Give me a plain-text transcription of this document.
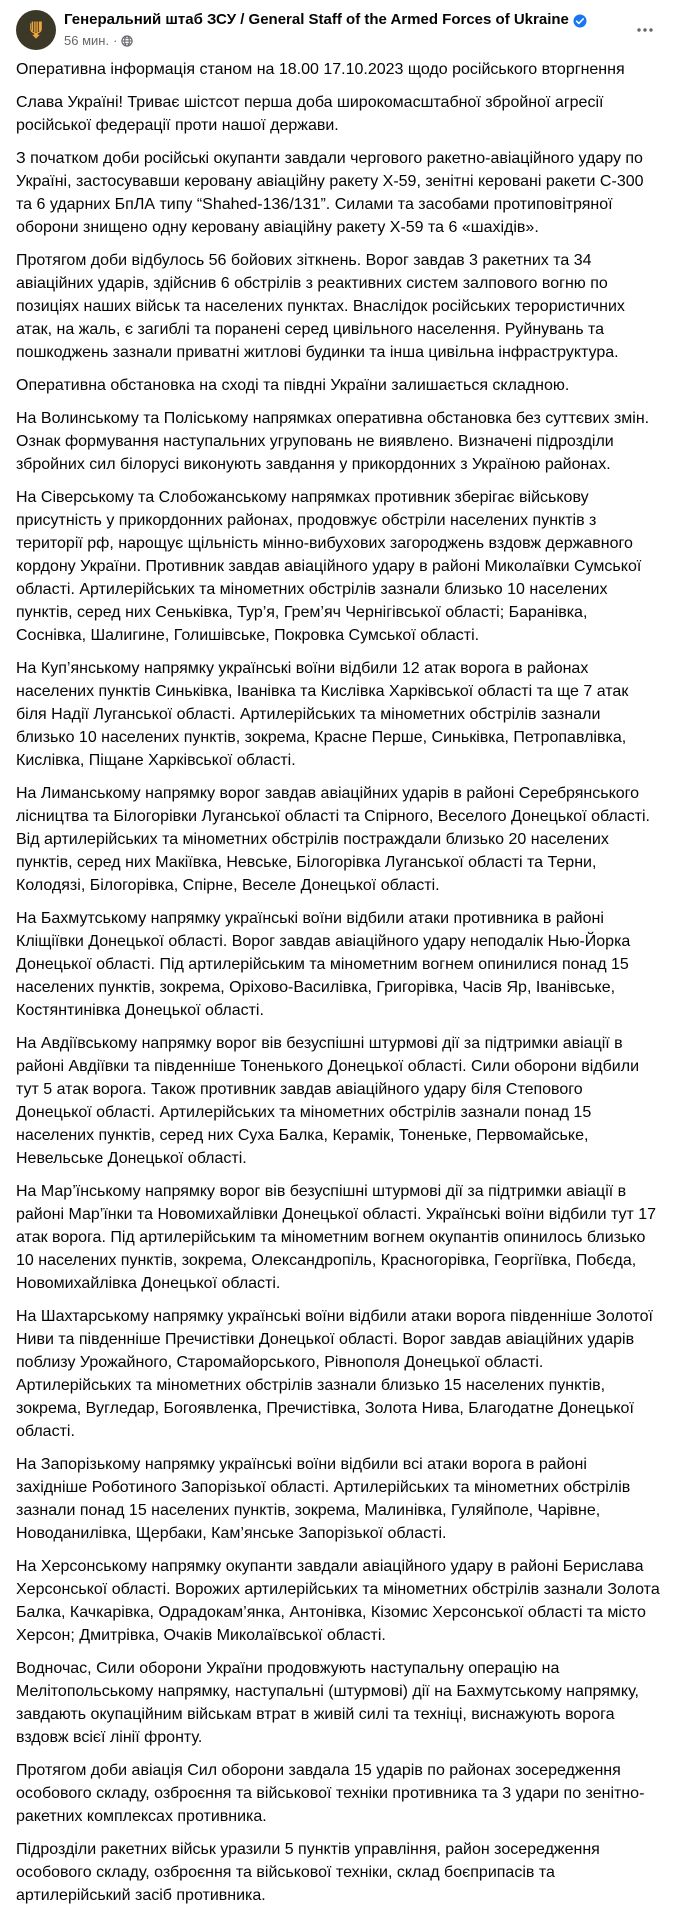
Генеральний штаб ЗСУ / General Staff of the Armed Forces of Ukraine
56 мин. ·

Оперативна інформація станом на 18.00 17.10.2023 щодо російського вторгнення

Слава Україні! Триває шістсот перша доба широкомасштабної збройної агресії російської федерації проти нашої держави.

З початком доби російські окупанти завдали чергового ракетно-авіаційного удару по Україні, застосувавши керовану авіаційну ракету Х-59, зенітні керовані ракети С-300 та 6 ударних БпЛА типу “Shahed-136/131”. Силами та засобами протиповітряної оборони знищено одну керовану авіаційну ракету Х-59 та 6 «шахідів».

Протягом доби відбулось 56 бойових зіткнень. Ворог завдав 3 ракетних та 34 авіаційних ударів, здійснив 6 обстрілів з реактивних систем залпового вогню по позиціях наших військ та населених пунктах. Внаслідок російських терористичних атак, на жаль, є загиблі та поранені серед цивільного населення. Руйнувань та пошкоджень зазнали приватні житлові будинки та інша цивільна інфраструктура.

Оперативна обстановка на сході та півдні України залишається складною.

На Волинському та Поліському напрямках оперативна обстановка без суттєвих змін. Ознак формування наступальних угруповань не виявлено. Визначені підрозділи збройних сил білорусі виконують завдання у прикордонних з Україною районах.

На Сіверському та Слобожанському напрямках противник зберігає військову присутність у прикордонних районах, продовжує обстріли населених пунктів з території рф, нарощує щільність мінно-вибухових загороджень вздовж державного кордону України. Противник завдав авіаційного удару в районі Миколаївки Сумської області. Артилерійських та мінометних обстрілів зазнали близько 10 населених пунктів, серед них Сеньківка, Тур’я, Грем’яч Чернігівської області; Баранівка, Соснівка, Шалигине, Голишівське, Покровка Сумської області.

На Куп’янському напрямку українські воїни відбили 12 атак ворога в районах населених пунктів Синьківка, Іванівка та Кислівка Харківської області та ще 7 атак біля Надії Луганської області. Артилерійських та мінометних обстрілів зазнали близько 10 населених пунктів, зокрема, Красне Перше, Синьківка, Петропавлівка, Кислівка, Піщане Харківської області.

На Лиманському напрямку ворог завдав авіаційних ударів в районі Серебрянського лісництва та Білогорівки Луганської області та Спірного, Веселого Донецької області. Від артилерійських та мінометних обстрілів постраждали близько 20 населених пунктів, серед них Макіївка, Невське, Білогорівка Луганської області та Терни, Колодязі, Білогорівка, Спірне, Веселе Донецької області.

На Бахмутському напрямку українські воїни відбили атаки противника в районі Кліщіївки Донецької області. Ворог завдав авіаційного удару неподалік Нью-Йорка Донецької області. Під артилерійським та мінометним вогнем опинилися понад 15 населених пунктів, зокрема, Оріхово-Василівка, Григорівка, Часів Яр, Іванівське, Костянтинівка Донецької області.

На Авдіївському напрямку ворог вів безуспішні штурмові дії за підтримки авіації в районі Авдіївки та південніше Тоненького Донецької області. Сили оборони відбили тут 5 атак ворога. Також противник завдав авіаційного удару біля Степового Донецької області. Артилерійських та мінометних обстрілів зазнали понад 15 населених пунктів, серед них Суха Балка, Керамік, Тоненьке, Первомайське, Невельське Донецької області.

На Мар’їнському напрямку ворог вів безуспішні штурмові дії за підтримки авіації в районі Мар’їнки та Новомихайлівки Донецької області. Українські воїни відбили тут 17 атак ворога. Під артилерійським та мінометним вогнем окупантів опинилось близько 10 населених пунктів, зокрема, Олександропіль, Красногорівка, Георгіївка, Побєда, Новомихайлівка Донецької області.

На Шахтарському напрямку українські воїни відбили атаки ворога південніше Золотої Ниви та південніше Пречистівки Донецької області. Ворог завдав авіаційних ударів поблизу Урожайного, Старомайорського, Рівнополя Донецької області. Артилерійських та мінометних обстрілів зазнали близько 15 населених пунктів, зокрема, Вугледар, Богоявленка, Пречистівка, Золота Нива, Благодатне Донецької області.

На Запорізькому напрямку українські воїни відбили всі атаки ворога в районі західніше Роботиного Запорізької області. Артилерійських та мінометних обстрілів зазнали понад 15 населених пунктів, зокрема, Малинівка, Гуляйполе, Чарівне, Новоданилівка, Щербаки, Кам’янське Запорізької області.

На Херсонському напрямку окупанти завдали авіаційного удару в районі Берислава Херсонської області. Ворожих артилерійських та мінометних обстрілів зазнали Золота Балка, Качкарівка, Одрадокам’янка, Антонівка, Кізомис Херсонської області та місто Херсон; Дмитрівка, Очаків Миколаївської області.

Водночас, Сили оборони України продовжують наступальну операцію на Мелітопольському напрямку, наступальні (штурмові) дії на Бахмутському напрямку, завдають окупаційним військам втрат в живій силі та техніці, виснажують ворога вздовж всієї лінії фронту.

Протягом доби авіація Сил оборони завдала 15 ударів по районах зосередження особового складу, озброєння та військової техніки противника та 3 удари по зенітно-ракетних комплексах противника.

Підрозділи ракетних військ уразили 5 пунктів управління, район зосередження особового складу, озброєння та військової техніки, склад боєприпасів та артилерійський засіб противника.
